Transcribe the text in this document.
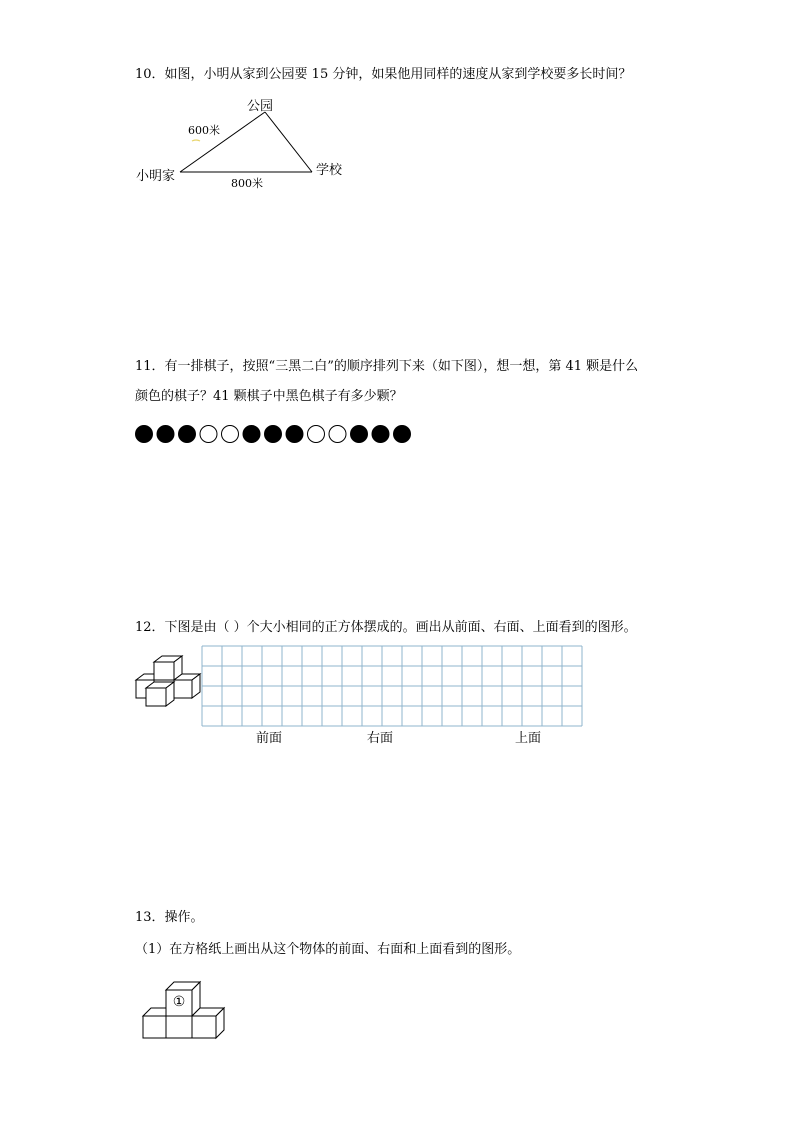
10．如图，小明从家到公园要 15 分钟，如果他用同样的速度从家到学校要多长时间？
公园
600米
小明家	学校
800米
11．有一排棋子，按照“三黑二白”的顺序排列下来（如下图），想一想，第 41 颗是什么
颜色的棋子？41 颗棋子中黑色棋子有多少颗？
12．下图是由（ ）个大小相同的正方体摆成的。画出从前面、右面、上面看到的图形。
前面	右面	上面
13．操作。
（1）在方格纸上画出从这个物体的前面、右面和上面看到的图形。
①
